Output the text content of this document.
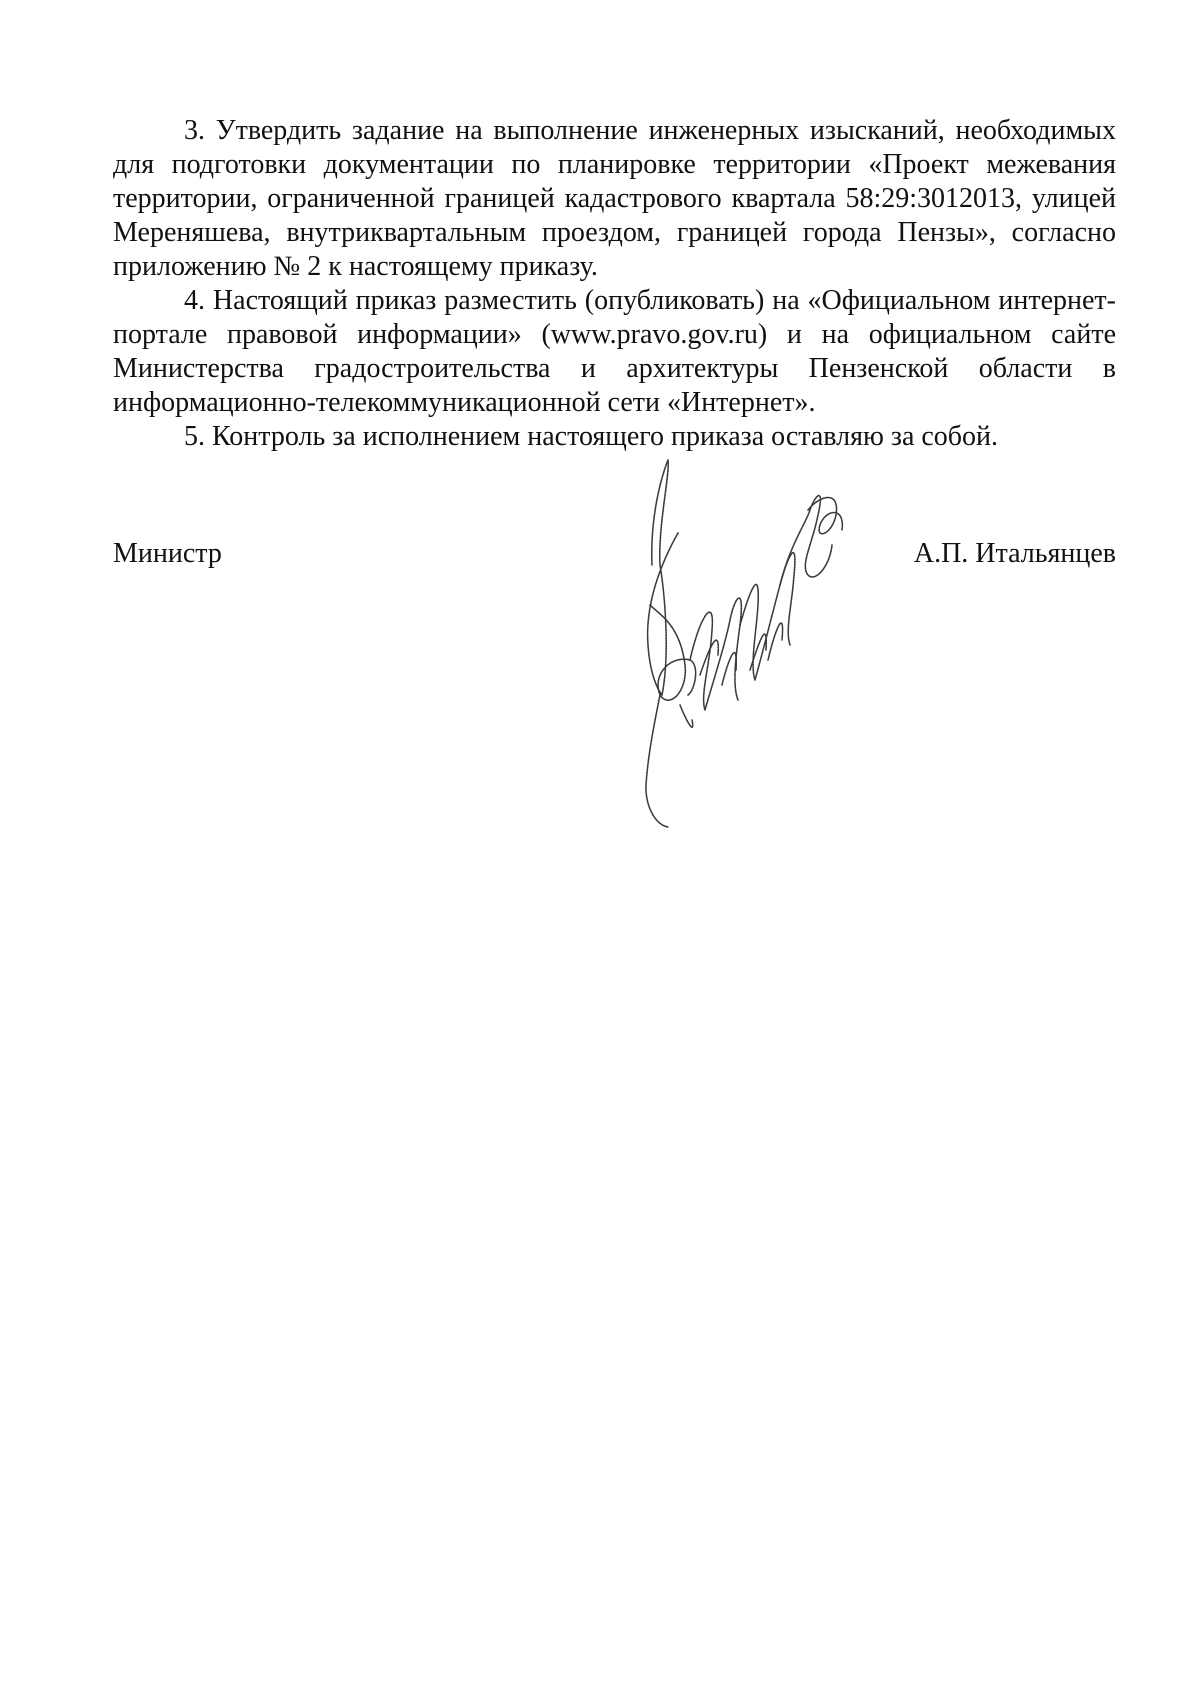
3. Утвердить задание на выполнение инженерных изысканий, необходимых для подготовки документации по планировке территории «Проект межевания территории, ограниченной границей кадастрового квартала 58:29:3012013, улицей Мереняшева, внутриквартальным проездом, границей города Пензы», согласно приложению № 2 к настоящему приказу.

4. Настоящий приказ разместить (опубликовать) на «Официальном интернет-портале правовой информации» (www.pravo.gov.ru) и на официальном сайте Министерства градостроительства и архитектуры Пензенской области в информационно-телекоммуникационной сети «Интернет».

5. Контроль за исполнением настоящего приказа оставляю за собой.

Министр	А.П. Итальянцев
